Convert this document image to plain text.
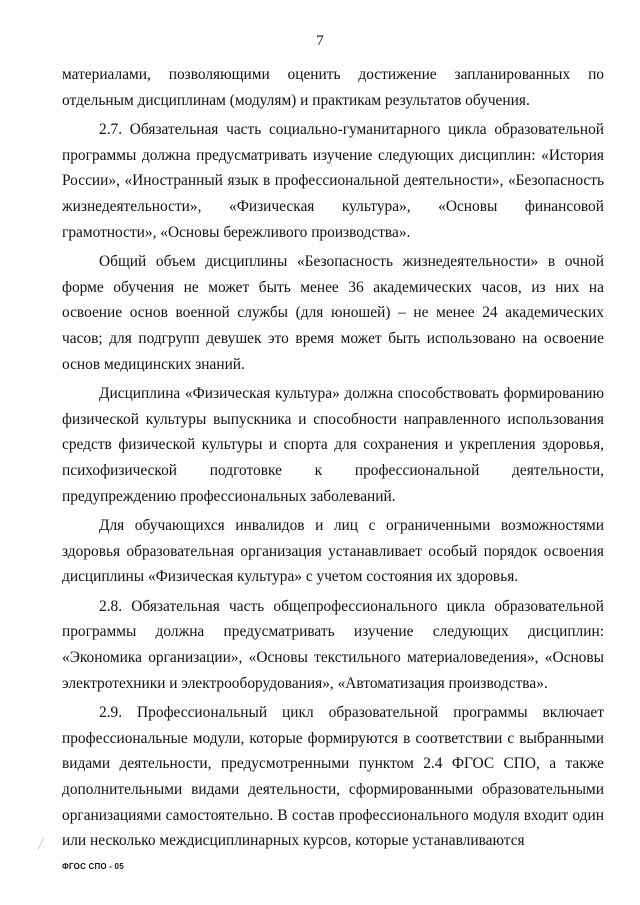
7

материалами, позволяющими оценить достижение запланированных по отдельным дисциплинам (модулям) и практикам результатов обучения.

2.7. Обязательная часть социально-гуманитарного цикла образовательной программы должна предусматривать изучение следующих дисциплин: «История России», «Иностранный язык в профессиональной деятельности», «Безопасность жизнедеятельности», «Физическая культура», «Основы финансовой грамотности», «Основы бережливого производства».

Общий объем дисциплины «Безопасность жизнедеятельности» в очной форме обучения не может быть менее 36 академических часов, из них на освоение основ военной службы (для юношей) – не менее 24 академических часов; для подгрупп девушек это время может быть использовано на освоение основ медицинских знаний.

Дисциплина «Физическая культура» должна способствовать формированию физической культуры выпускника и способности направленного использования средств физической культуры и спорта для сохранения и укрепления здоровья, психофизической подготовке к профессиональной деятельности, предупреждению профессиональных заболеваний.

Для обучающихся инвалидов и лиц с ограниченными возможностями здоровья образовательная организация устанавливает особый порядок освоения дисциплины «Физическая культура» с учетом состояния их здоровья.

2.8. Обязательная часть общепрофессионального цикла образовательной программы должна предусматривать изучение следующих дисциплин: «Экономика организации», «Основы текстильного материаловедения», «Основы электротехники и электрооборудования», «Автоматизация производства».

2.9. Профессиональный цикл образовательной программы включает профессиональные модули, которые формируются в соответствии с выбранными видами деятельности, предусмотренными пунктом 2.4 ФГОС СПО, а также дополнительными видами деятельности, сформированными образовательными организациями самостоятельно. В состав профессионального модуля входит один или несколько междисциплинарных курсов, которые устанавливаются

ФГОС СПО - 05
